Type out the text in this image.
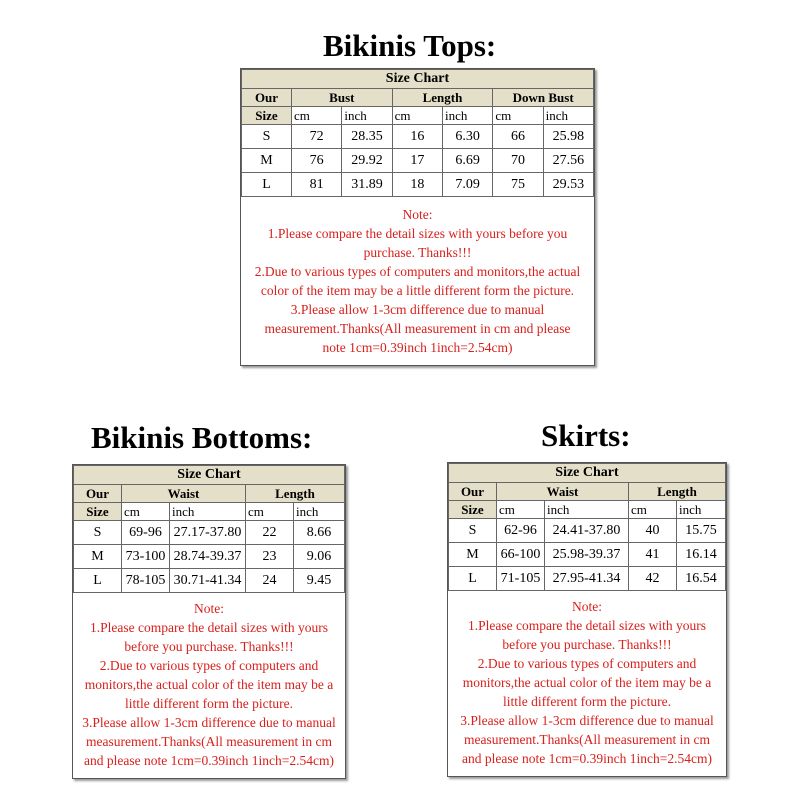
Bikinis Tops:
Size Chart						
Our	Bust		Length		Down Bust	
Size	cm	inch	cm	inch	cm	inch
S	72	28.35	16	6.30	66	25.98
M	76	29.92	17	6.69	70	27.56
L	81	31.89	18	7.09	75	29.53
Note:
1.Please compare the detail sizes with yours before you purchase. Thanks!!!
2.Due to various types of computers and monitors,the actual color of the item may be a little different form the picture.
3.Please allow 1-3cm difference due to manual measurement.Thanks(All measurement in cm and please note 1cm=0.39inch 1inch=2.54cm)
Bikinis Bottoms:
Size Chart				
Our	Waist		Length	
Size	cm	inch	cm	inch
S	69-96	27.17-37.80	22	8.66
M	73-100	28.74-39.37	23	9.06
L	78-105	30.71-41.34	24	9.45
Note:
1.Please compare the detail sizes with yours before you purchase. Thanks!!!
2.Due to various types of computers and monitors,the actual color of the item may be a little different form the picture.
3.Please allow 1-3cm difference due to manual measurement.Thanks(All measurement in cm and please note 1cm=0.39inch 1inch=2.54cm)
Skirts:
Size Chart				
Our	Waist		Length	
Size	cm	inch	cm	inch
S	62-96	24.41-37.80	40	15.75
M	66-100	25.98-39.37	41	16.14
L	71-105	27.95-41.34	42	16.54
Note:
1.Please compare the detail sizes with yours before you purchase. Thanks!!!
2.Due to various types of computers and monitors,the actual color of the item may be a little different form the picture.
3.Please allow 1-3cm difference due to manual measurement.Thanks(All measurement in cm and please note 1cm=0.39inch 1inch=2.54cm)
